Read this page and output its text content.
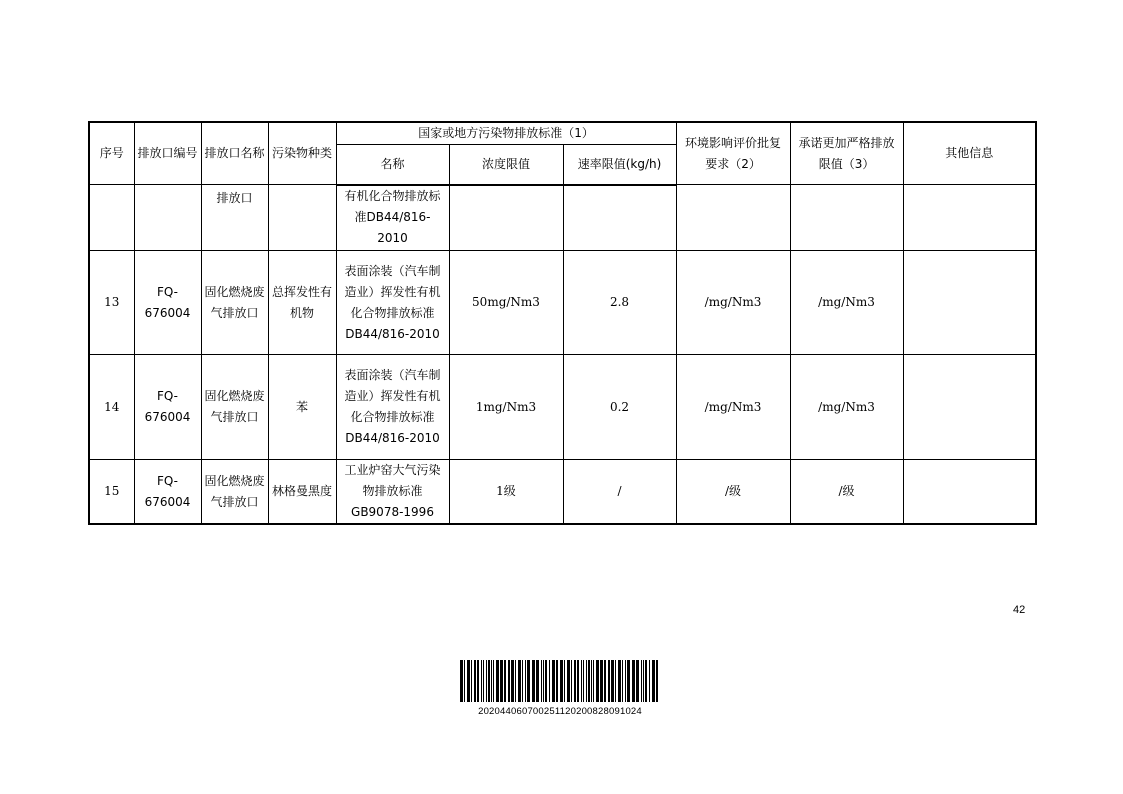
序号	排放口编号	排放口名称	污染物种类	国家或地方污染物排放标准（1）			环境影响评价批复要求（2）	承诺更加严格排放限值（3）	其他信息
				名称	浓度限值	速率限值(kg/h)			
		排放口		有机化合物排放标准DB44/816-2010					
13	FQ-676004	固化燃烧废气排放口	总挥发性有机物	表面涂装（汽车制造业）挥发性有机化合物排放标准DB44/816-2010	50mg/Nm3	2.8	/mg/Nm3	/mg/Nm3	
14	FQ-676004	固化燃烧废气排放口	苯	表面涂装（汽车制造业）挥发性有机化合物排放标准DB44/816-2010	1mg/Nm3	0.2	/mg/Nm3	/mg/Nm3	
15	FQ-676004	固化燃烧废气排放口	林格曼黑度	工业炉窑大气污染物排放标准GB9078-1996	1级	/	/级	/级	
42
2020440607002511202008280910​24
